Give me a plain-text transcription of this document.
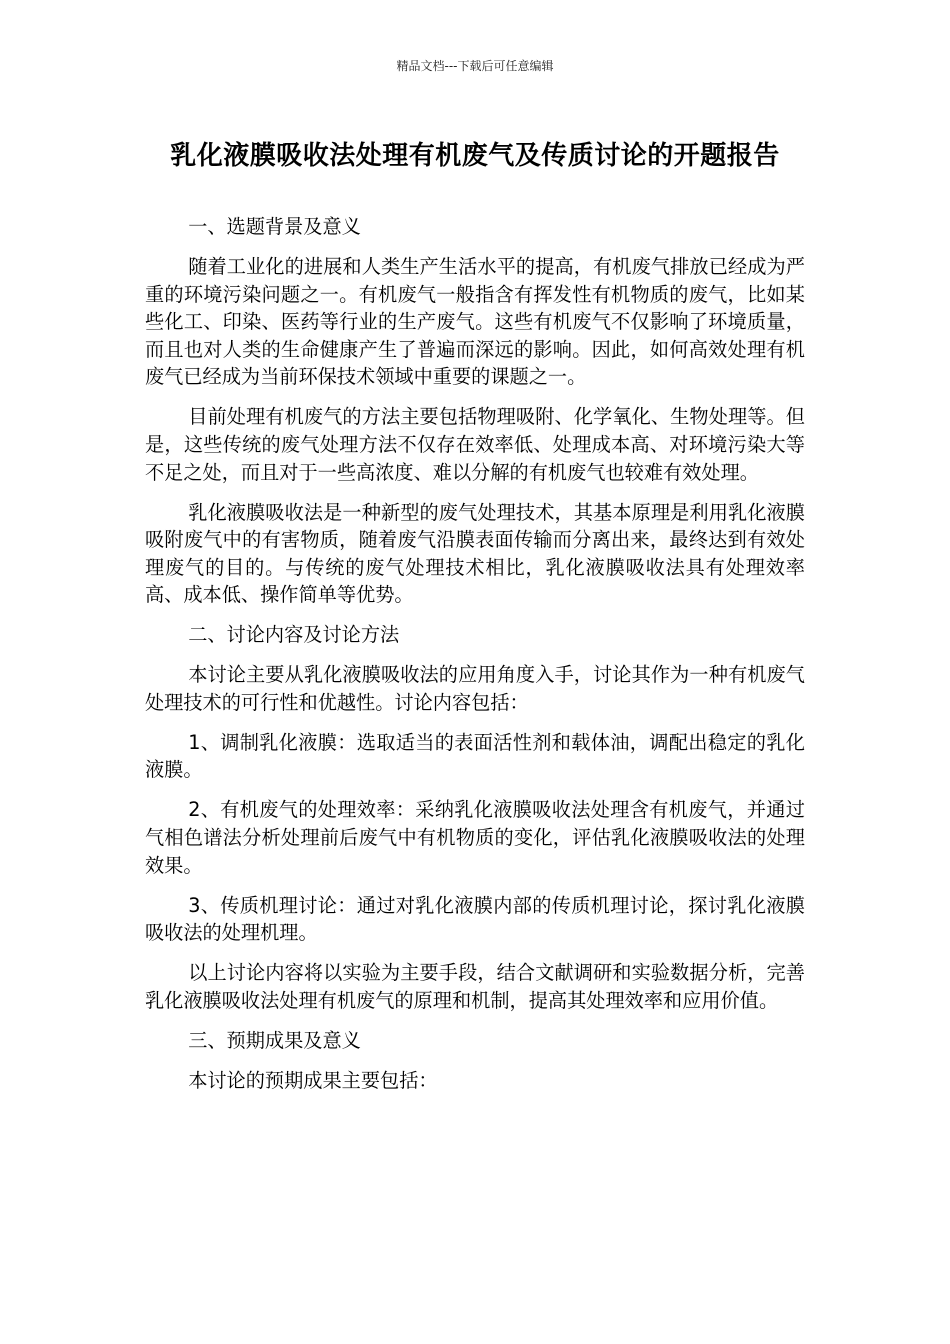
精品文档---下载后可任意编辑
乳化液膜吸收法处理有机废气及传质讨论的开题报告

一、选题背景及意义

随着工业化的进展和人类生产生活水平的提高，有机废气排放已经成为严重的环境污染问题之一。有机废气一般指含有挥发性有机物质的废气，比如某些化工、印染、医药等行业的生产废气。这些有机废气不仅影响了环境质量，而且也对人类的生命健康产生了普遍而深远的影响。因此，如何高效处理有机废气已经成为当前环保技术领域中重要的课题之一。

目前处理有机废气的方法主要包括物理吸附、化学氧化、生物处理等。但是，这些传统的废气处理方法不仅存在效率低、处理成本高、对环境污染大等不足之处，而且对于一些高浓度、难以分解的有机废气也较难有效处理。

乳化液膜吸收法是一种新型的废气处理技术，其基本原理是利用乳化液膜吸附废气中的有害物质，随着废气沿膜表面传输而分离出来，最终达到有效处理废气的目的。与传统的废气处理技术相比，乳化液膜吸收法具有处理效率高、成本低、操作简单等优势。

二、讨论内容及讨论方法

本讨论主要从乳化液膜吸收法的应用角度入手，讨论其作为一种有机废气处理技术的可行性和优越性。讨论内容包括：

1、调制乳化液膜：选取适当的表面活性剂和载体油，调配出稳定的乳化液膜。

2、有机废气的处理效率：采纳乳化液膜吸收法处理含有机废气，并通过气相色谱法分析处理前后废气中有机物质的变化，评估乳化液膜吸收法的处理效果。

3、传质机理讨论：通过对乳化液膜内部的传质机理讨论，探讨乳化液膜吸收法的处理机理。

以上讨论内容将以实验为主要手段，结合文献调研和实验数据分析，完善乳化液膜吸收法处理有机废气的原理和机制，提高其处理效率和应用价值。

三、预期成果及意义

本讨论的预期成果主要包括：
